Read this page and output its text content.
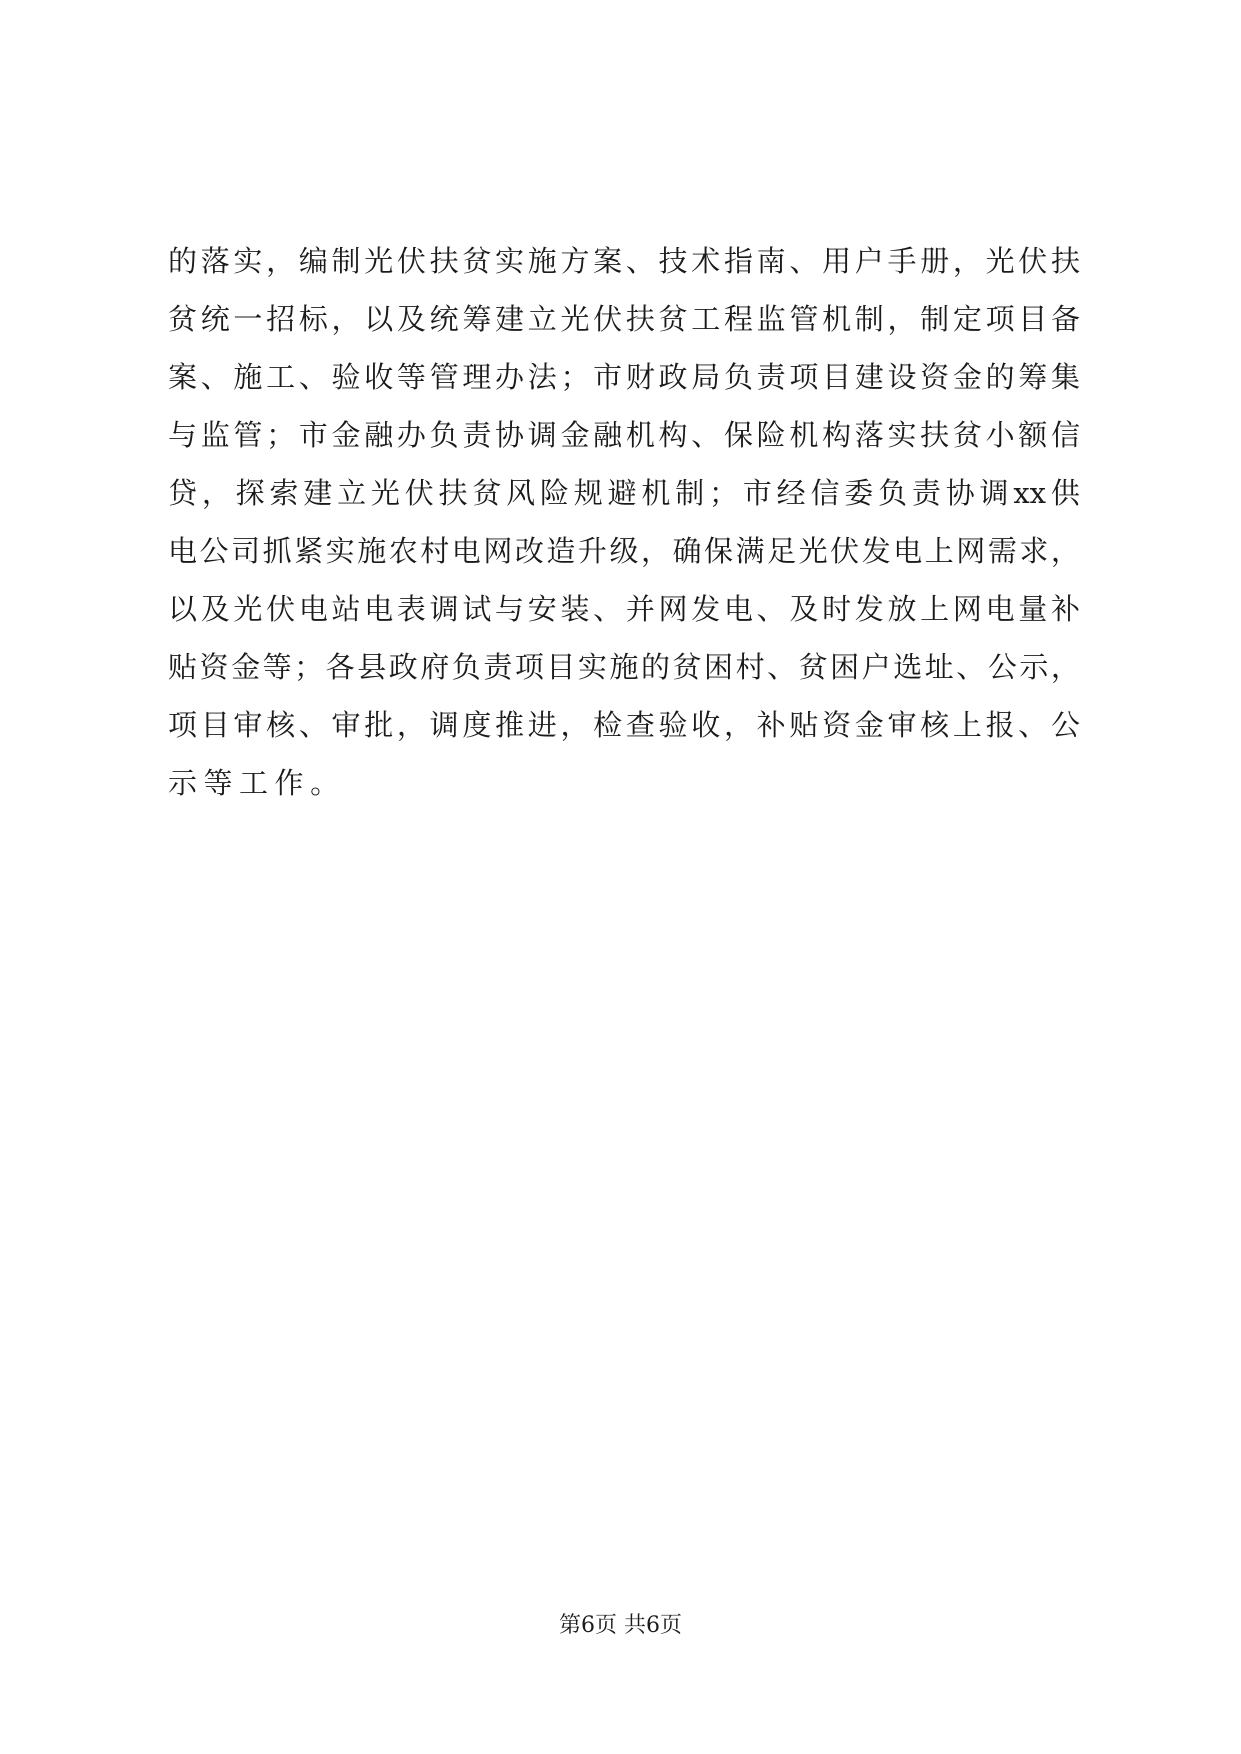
的 落 实 ， 编 制 光 伏 扶 贫 实 施 方 案 、 技 术 指 南 、 用 户 手 册 ， 光 伏 扶
贫 统 一 招 标 ， 以 及 统 筹 建 立 光 伏 扶 贫 工 程 监 管 机 制 ， 制 定 项 目 备
案 、 施 工 、 验 收 等 管 理 办 法 ； 市 财 政 局 负 责 项 目 建 设 资 金 的 筹 集
与 监 管 ； 市 金 融 办 负 责 协 调 金 融 机 构 、 保 险 机 构 落 实 扶 贫 小 额 信
贷 ， 探 索 建 立 光 伏 扶 贫 风 险 规 避 机 制 ； 市 经 信 委 负 责 协 调 xx 供
电 公 司 抓 紧 实 施 农 村 电 网 改 造 升 级 ， 确 保 满 足 光 伏 发 电 上 网 需 求 ，
以 及 光 伏 电 站 电 表 调 试 与 安 装 、 并 网 发 电 、 及 时 发 放 上 网 电 量 补
贴 资 金 等 ； 各 县 政 府 负 责 项 目 实 施 的 贫 困 村 、 贫 困 户 选 址 、 公 示 ，
项 目 审 核 、 审 批 ， 调 度 推 进 ， 检 查 验 收 ， 补 贴 资 金 审 核 上 报 、 公
示 等 工 作 。
第6页 共6页
